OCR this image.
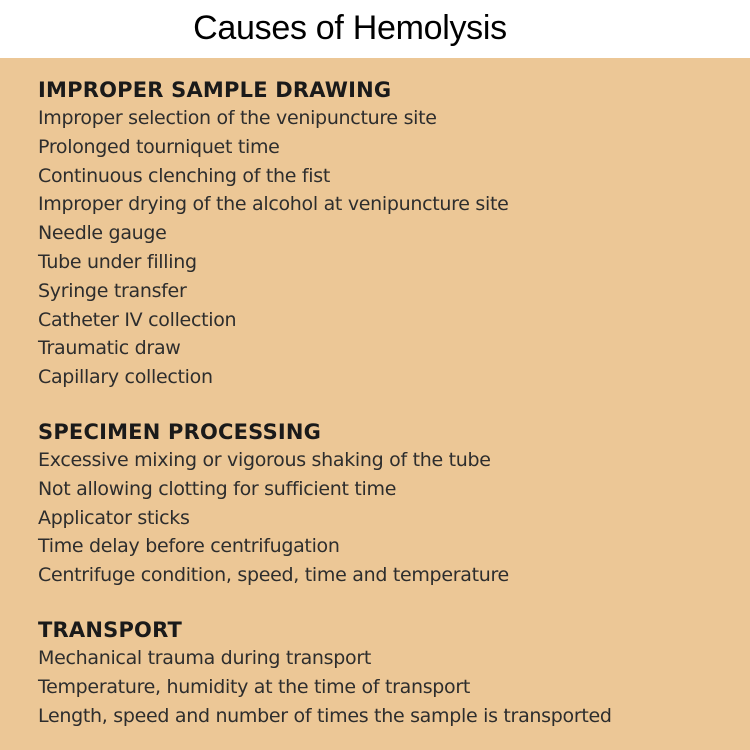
Causes of Hemolysis
IMPROPER SAMPLE DRAWING
Improper selection of the venipuncture site
Prolonged tourniquet time
Continuous clenching of the fist
Improper drying of the alcohol at venipuncture site
Needle gauge
Tube under filling
Syringe transfer
Catheter IV collection
Traumatic draw
Capillary collection
SPECIMEN PROCESSING
Excessive mixing or vigorous shaking of the tube
Not allowing clotting for sufficient time
Applicator sticks
Time delay before centrifugation
Centrifuge condition, speed, time and temperature
TRANSPORT
Mechanical trauma during transport
Temperature, humidity at the time of transport
Length, speed and number of times the sample is transported
